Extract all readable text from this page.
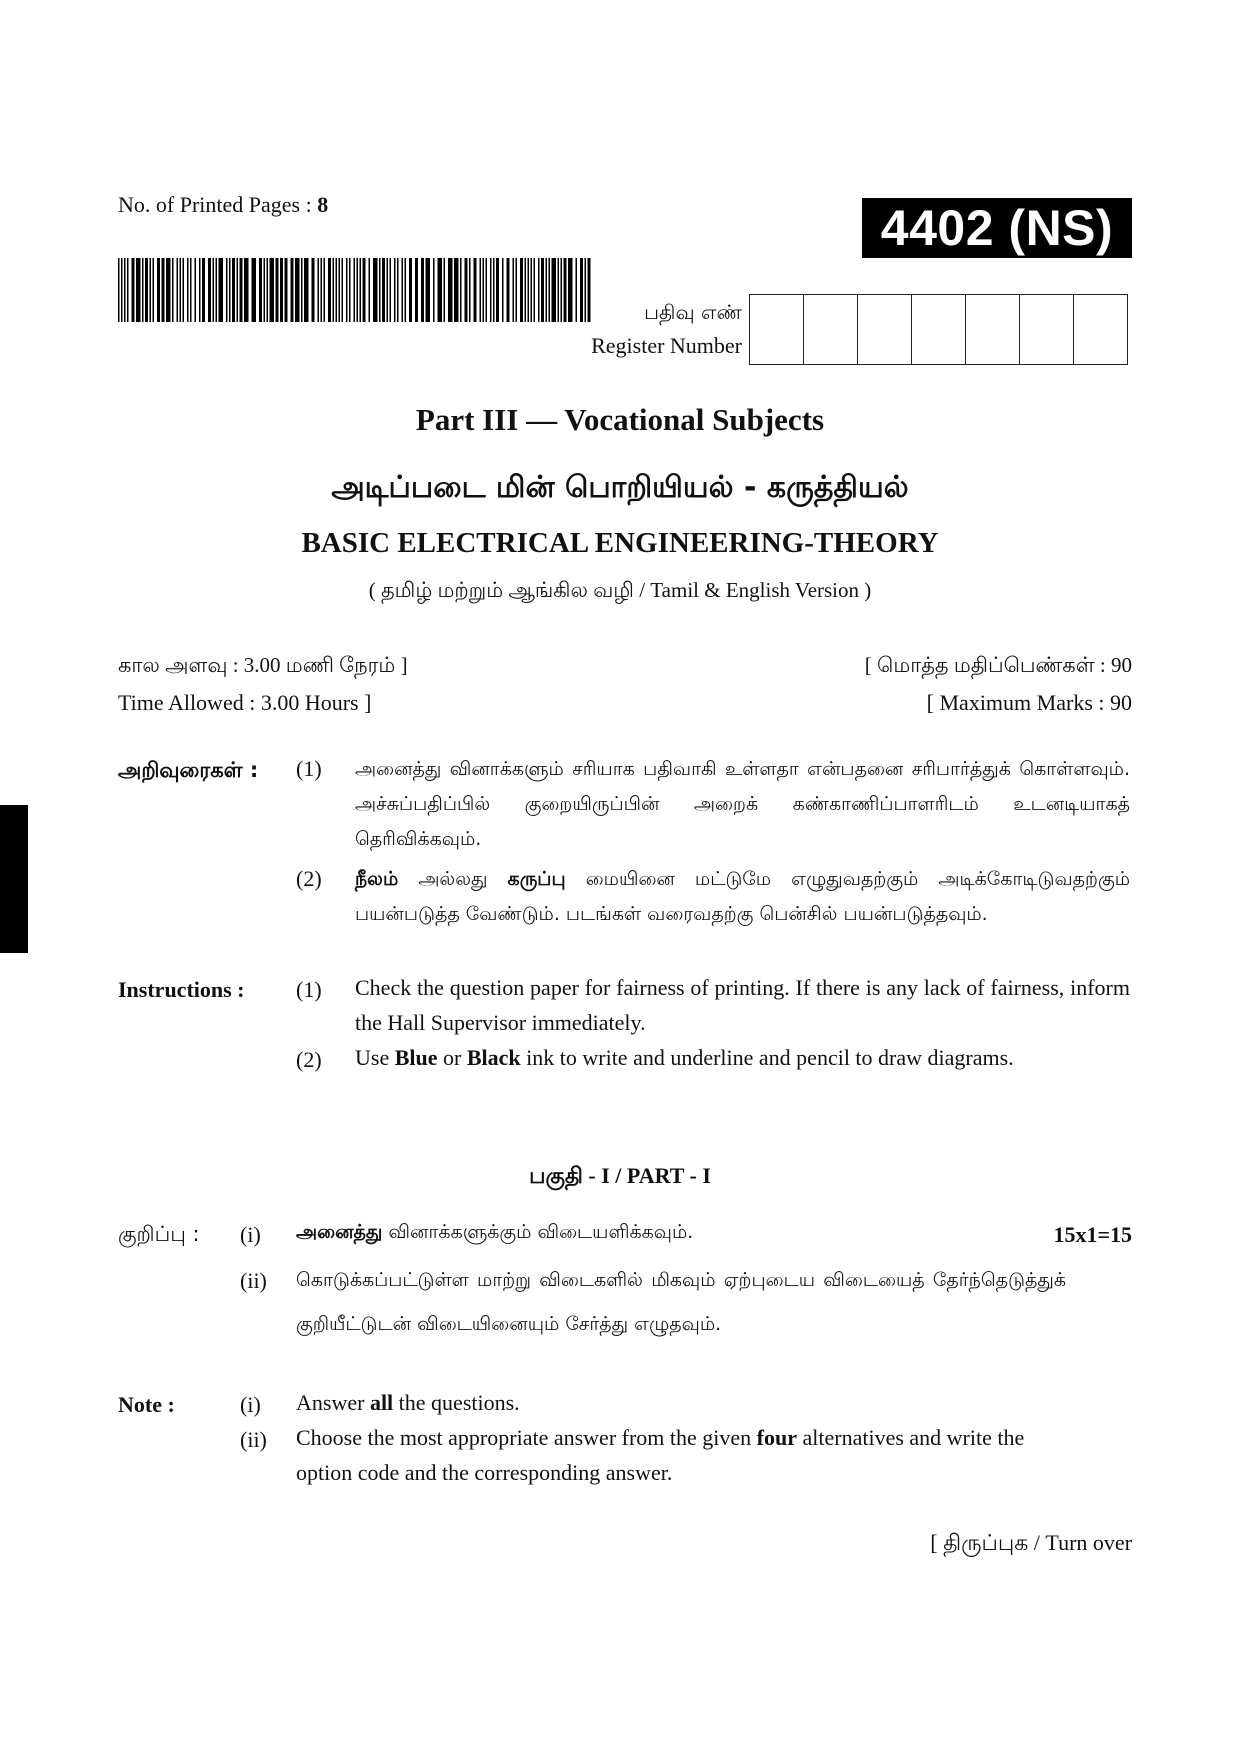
No. of Printed Pages : 8	4402 (NS)
பதிவு எண்
Register Number
Part III — Vocational Subjects
அடிப்படை மின் பொறியியல் - கருத்தியல்
BASIC ELECTRICAL ENGINEERING-THEORY
( தமிழ் மற்றும் ஆங்கில வழி / Tamil & English Version )
கால அளவு : 3.00 மணி நேரம் ]
Time Allowed : 3.00 Hours ]
[ மொத்த மதிப்பெண்கள் : 90
[ Maximum Marks : 90
அறிவுரைகள் : (1) அனைத்து வினாக்களும் சரியாக பதிவாகி உள்ளதா என்பதனை சரிபார்த்துக் கொள்ளவும். அச்சுப்பதிப்பில் குறையிருப்பின் அறைக் கண்காணிப்பாளரிடம் உடனடியாகத் தெரிவிக்கவும்.
(2) நீலம் அல்லது கருப்பு மையினை மட்டுமே எழுதுவதற்கும் அடிக்கோடிடுவதற்கும் பயன்படுத்த வேண்டும். படங்கள் வரைவதற்கு பென்சில் பயன்படுத்தவும்.
Instructions : (1) Check the question paper for fairness of printing. If there is any lack of fairness, inform the Hall Supervisor immediately.
(2) Use Blue or Black ink to write and underline and pencil to draw diagrams.
பகுதி - I / PART - I
குறிப்பு : (i) அனைத்து வினாக்களுக்கும் விடையளிக்கவும்.	15x1=15
(ii) கொடுக்கப்பட்டுள்ள மாற்று விடைகளில் மிகவும் ஏற்புடைய விடையைத் தேர்ந்தெடுத்துக் குறியீட்டுடன் விடையினையும் சேர்த்து எழுதவும்.
Note :	(i) Answer all the questions.
(ii) Choose the most appropriate answer from the given four alternatives and write the option code and the corresponding answer.
[ திருப்புக / Turn over
